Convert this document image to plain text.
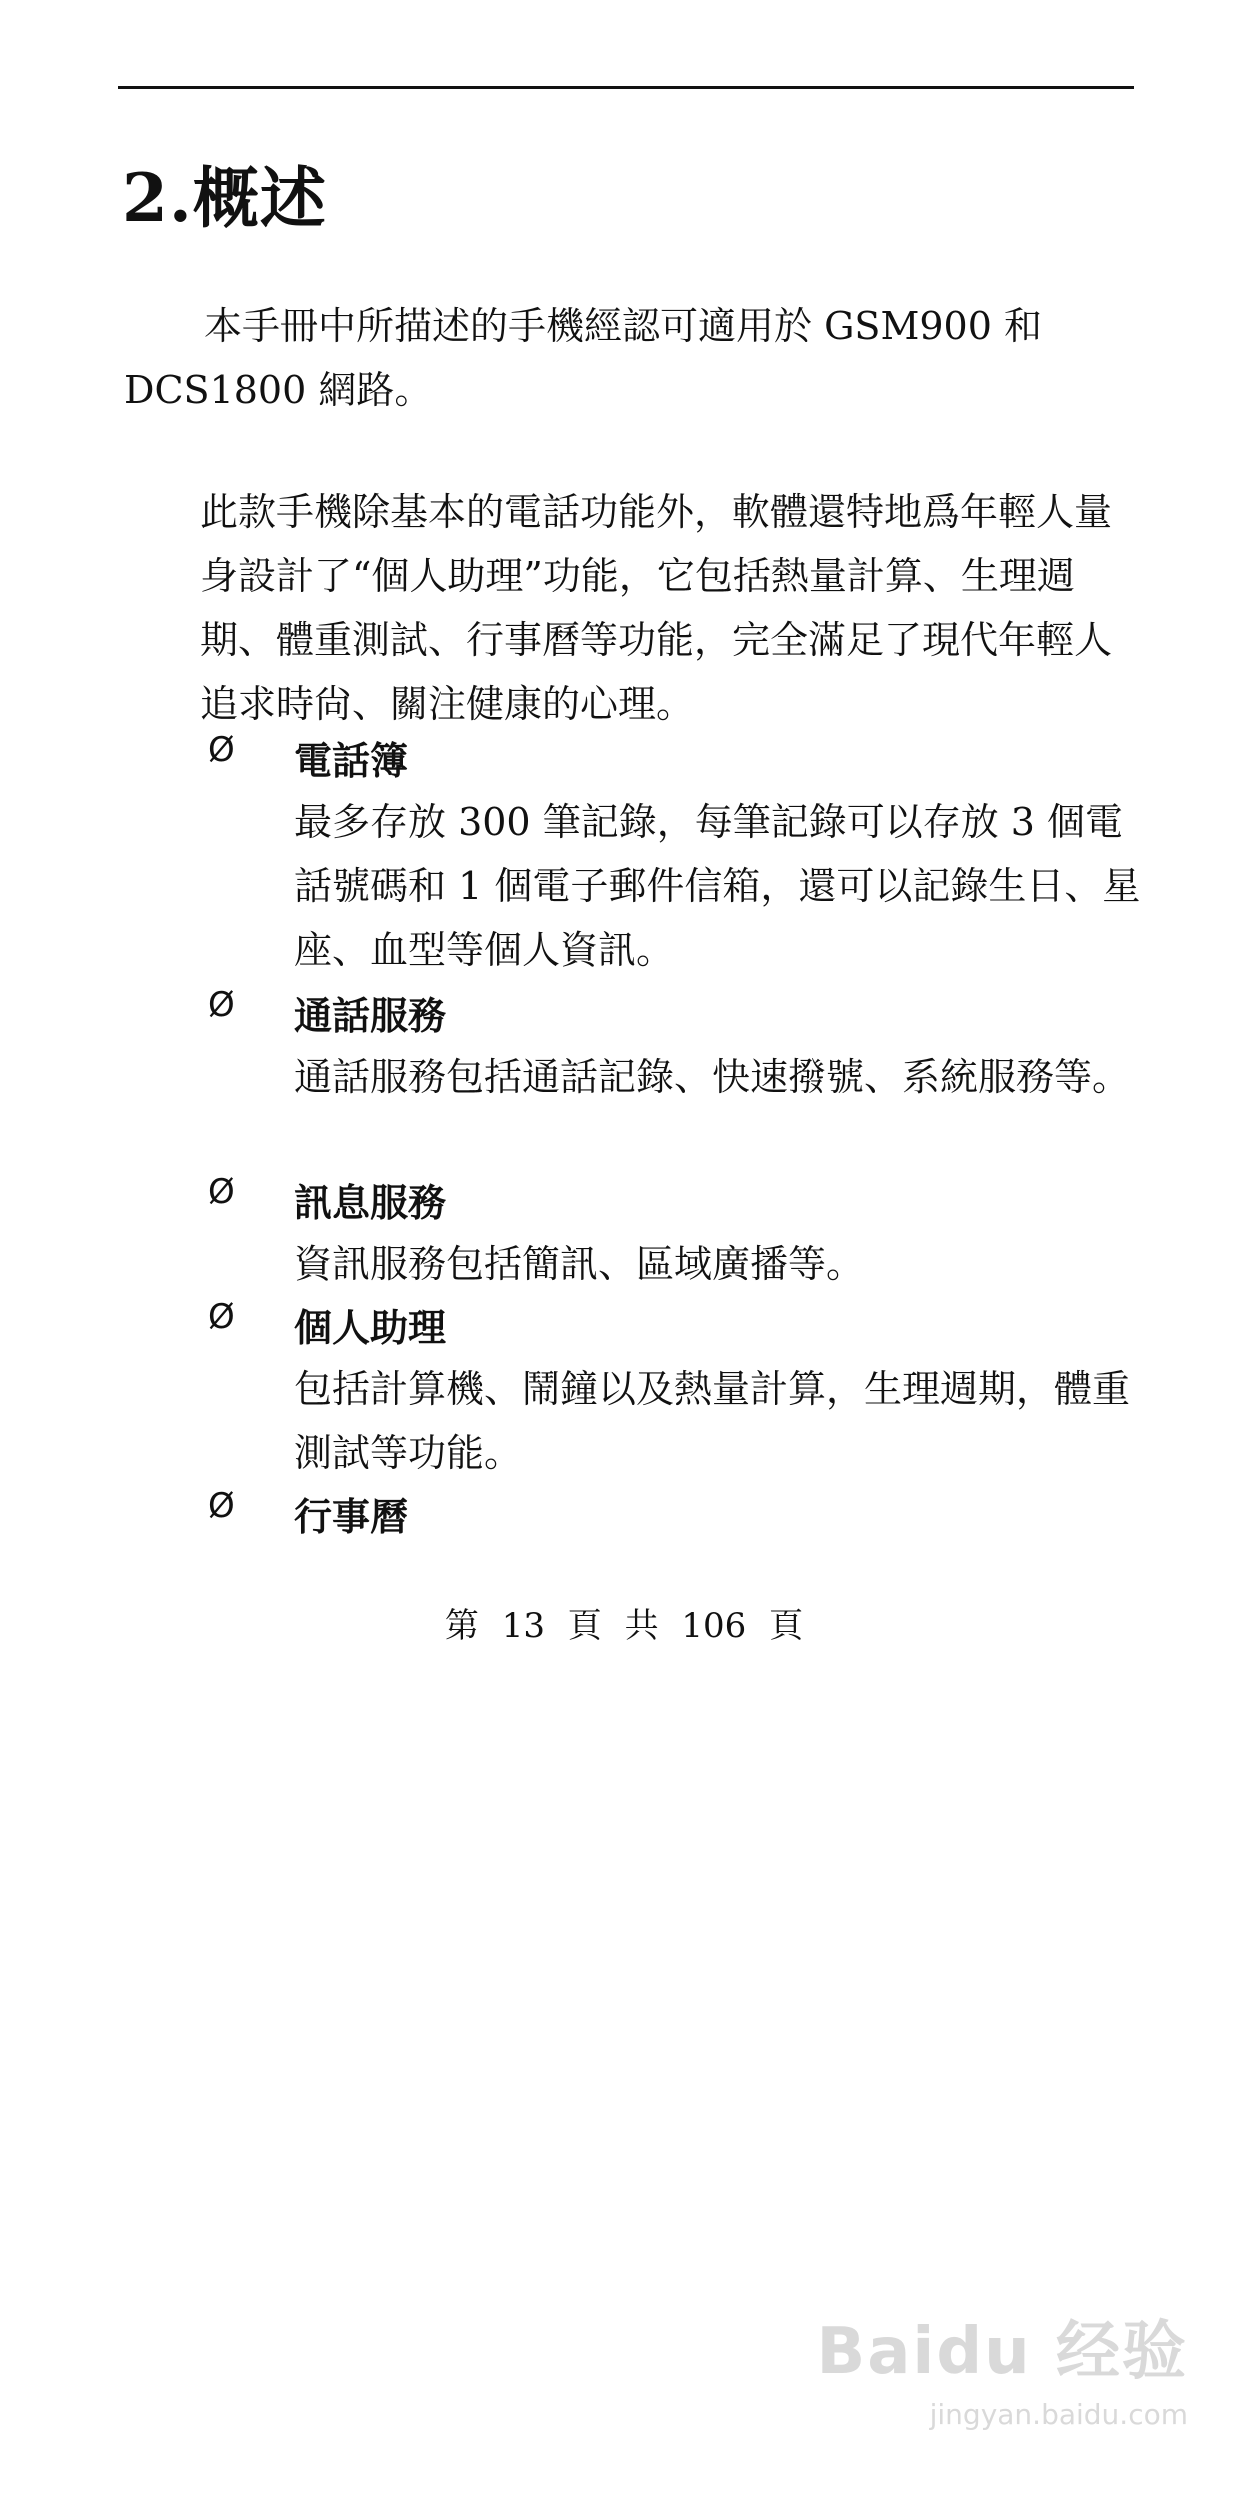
2.概述

本手冊中所描述的手機經認可適用於 GSM900 和
DCS1800 網路。

此款手機除基本的電話功能外，軟體還特地爲年輕人量身設計了“個人助理”功能，它包括熱量計算、生理週期、體重測試、行事曆等功能，完全滿足了現代年輕人追求時尙、關注健康的心理。

Ø 電話簿

最多存放 300 筆記錄，每筆記錄可以存放 3 個電話號碼和 1 個電子郵件信箱，還可以記錄生日、星座、血型等個人資訊。

Ø 通話服務

通話服務包括通話記錄、快速撥號、系統服務等。

Ø 訊息服務

資訊服務包括簡訊、區域廣播等。

Ø 個人助理

包括計算機、鬧鐘以及熱量計算，生理週期，體重測試等功能。

Ø 行事曆
第 13 頁 共 106 頁
Baidu 经验
jingyan.baidu.com
